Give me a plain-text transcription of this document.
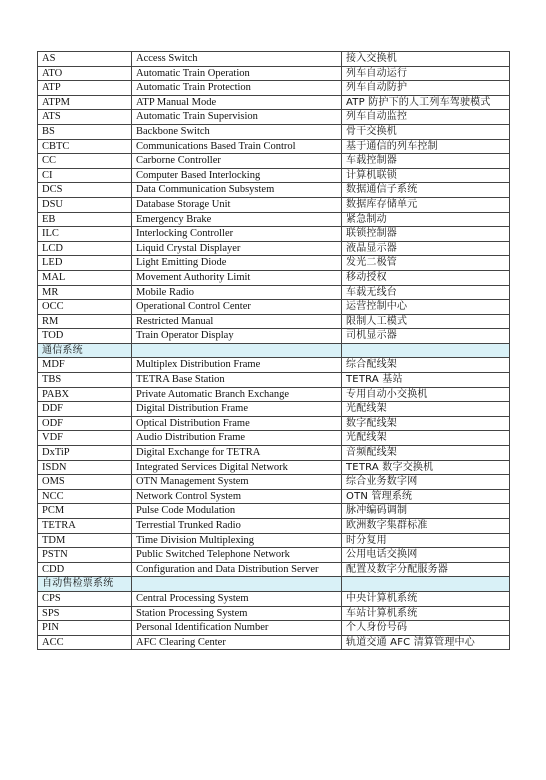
AS	Access Switch	接入交换机
ATO	Automatic Train Operation	列车自动运行
ATP	Automatic Train Protection	列车自动防护
ATPM	ATP Manual Mode	ATP 防护下的人工列车驾驶模式
ATS	Automatic Train Supervision	列车自动监控
BS	Backbone Switch	骨干交换机
CBTC	Communications Based Train Control	基于通信的列车控制
CC	Carborne Controller	车载控制器
CI	Computer Based Interlocking	计算机联锁
DCS	Data Communication Subsystem	数据通信子系统
DSU	Database Storage Unit	数据库存储单元
EB	Emergency Brake	紧急制动
ILC	Interlocking Controller	联锁控制器
LCD	Liquid Crystal Displayer	液晶显示器
LED	Light Emitting Diode	发光二极管
MAL	Movement Authority Limit	移动授权
MR	Mobile Radio	车载无线台
OCC	Operational Control Center	运营控制中心
RM	Restricted Manual	限制人工模式
TOD	Train Operator Display	司机显示器
通信系统		
MDF	Multiplex Distribution Frame	综合配线架
TBS	TETRA Base Station	TETRA 基站
PABX	Private Automatic Branch Exchange	专用自动小交换机
DDF	Digital Distribution Frame	光配线架
ODF	Optical Distribution Frame	数字配线架
VDF	Audio Distribution Frame	光配线架
DxTiP	Digital Exchange for TETRA	音频配线架
ISDN	Integrated Services Digital Network	TETRA 数字交换机
OMS	OTN Management System	综合业务数字网
NCC	Network Control System	OTN 管理系统
PCM	Pulse Code Modulation	脉冲编码调制
TETRA	Terrestial Trunked Radio	欧洲数字集群标准
TDM	Time Division Multiplexing	时分复用
PSTN	Public Switched Telephone Network	公用电话交换网
CDD	Configuration and Data Distribution Server	配置及数字分配服务器
自动售检票系统		
CPS	Central Processing System	中央计算机系统
SPS	Station Processing System	车站计算机系统
PIN	Personal Identification Number	个人身份号码
ACC	AFC Clearing Center	轨道交通 AFC 清算管理中心
